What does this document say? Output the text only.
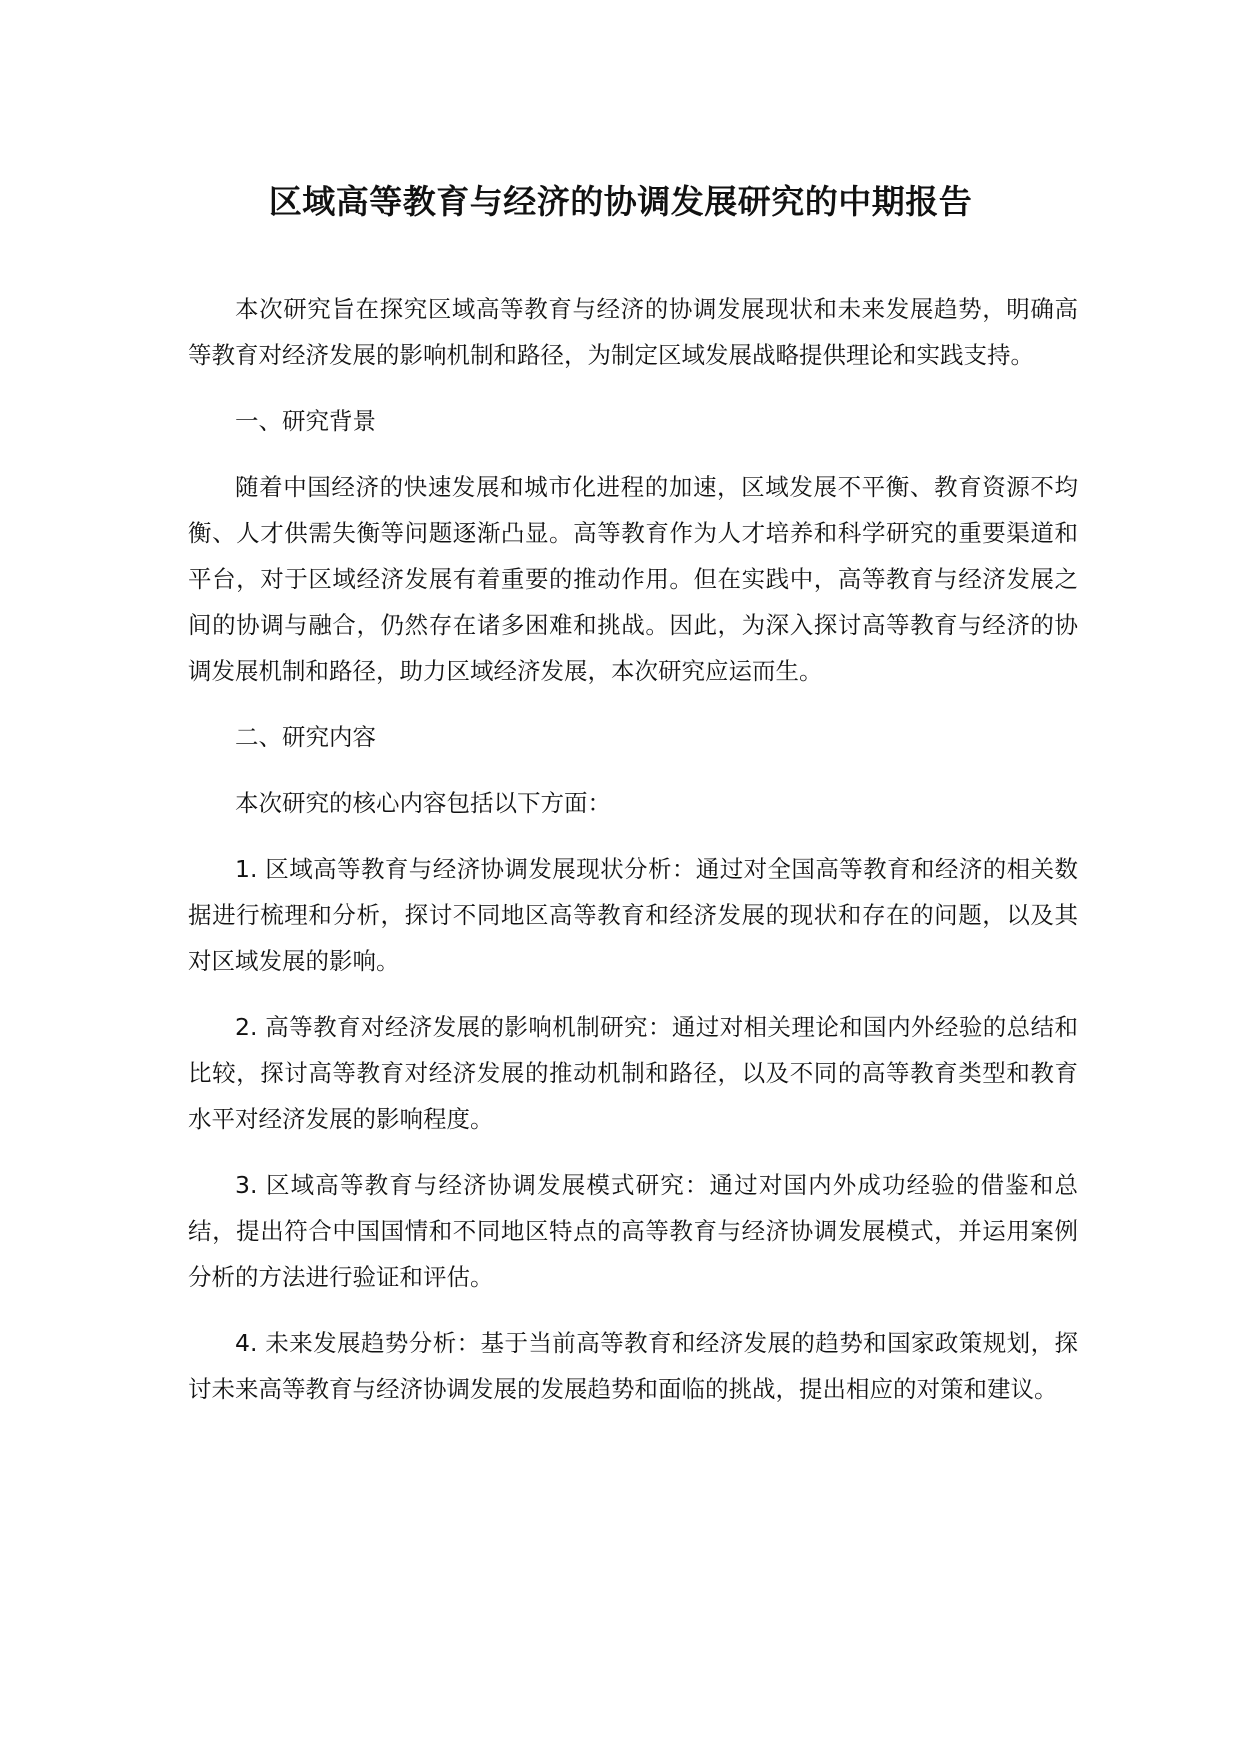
区域高等教育与经济的协调发展研究的中期报告

本次研究旨在探究区域高等教育与经济的协调发展现状和未来发展趋势，明确高等教育对经济发展的影响机制和路径，为制定区域发展战略提供理论和实践支持。

一、研究背景

随着中国经济的快速发展和城市化进程的加速，区域发展不平衡、教育资源不均衡、人才供需失衡等问题逐渐凸显。高等教育作为人才培养和科学研究的重要渠道和平台，对于区域经济发展有着重要的推动作用。但在实践中，高等教育与经济发展之间的协调与融合，仍然存在诸多困难和挑战。因此，为深入探讨高等教育与经济的协调发展机制和路径，助力区域经济发展，本次研究应运而生。

二、研究内容

本次研究的核心内容包括以下方面：

1. 区域高等教育与经济协调发展现状分析：通过对全国高等教育和经济的相关数据进行梳理和分析，探讨不同地区高等教育和经济发展的现状和存在的问题，以及其对区域发展的影响。

2. 高等教育对经济发展的影响机制研究：通过对相关理论和国内外经验的总结和比较，探讨高等教育对经济发展的推动机制和路径，以及不同的高等教育类型和教育水平对经济发展的影响程度。

3. 区域高等教育与经济协调发展模式研究：通过对国内外成功经验的借鉴和总结，提出符合中国国情和不同地区特点的高等教育与经济协调发展模式，并运用案例分析的方法进行验证和评估。

4. 未来发展趋势分析：基于当前高等教育和经济发展的趋势和国家政策规划，探讨未来高等教育与经济协调发展的发展趋势和面临的挑战，提出相应的对策和建议。
